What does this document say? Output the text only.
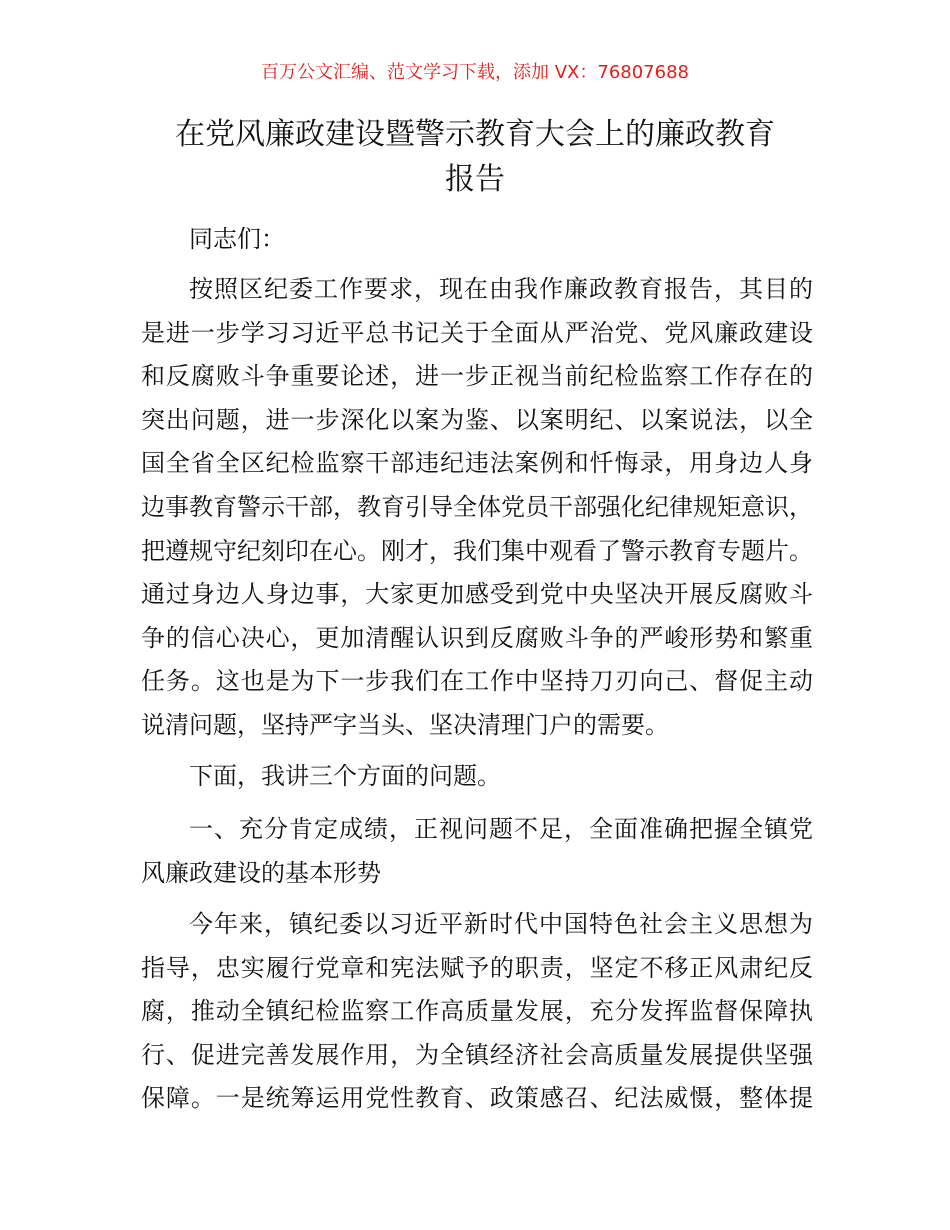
百万公文汇编、范文学习下载，添加 VX：76807688
在党风廉政建设暨警示教育大会上的廉政教育
报告
同志们：
按照区纪委工作要求，现在由我作廉政教育报告，其目的
是进一步学习习近平总书记关于全面从严治党、党风廉政建设
和反腐败斗争重要论述，进一步正视当前纪检监察工作存在的
突出问题，进一步深化以案为鉴、以案明纪、以案说法，以全
国全省全区纪检监察干部违纪违法案例和忏悔录，用身边人身
边事教育警示干部，教育引导全体党员干部强化纪律规矩意识，
把遵规守纪刻印在心。刚才，我们集中观看了警示教育专题片。
通过身边人身边事，大家更加感受到党中央坚决开展反腐败斗
争的信心决心，更加清醒认识到反腐败斗争的严峻形势和繁重
任务。这也是为下一步我们在工作中坚持刀刃向己、督促主动
说清问题，坚持严字当头、坚决清理门户的需要。
下面，我讲三个方面的问题。
一、充分肯定成绩，正视问题不足，全面准确把握全镇党
风廉政建设的基本形势
今年来，镇纪委以习近平新时代中国特色社会主义思想为
指导，忠实履行党章和宪法赋予的职责，坚定不移正风肃纪反
腐，推动全镇纪检监察工作高质量发展，充分发挥监督保障执
行、促进完善发展作用，为全镇经济社会高质量发展提供坚强
保障。一是统筹运用党性教育、政策感召、纪法威慑，整体提
